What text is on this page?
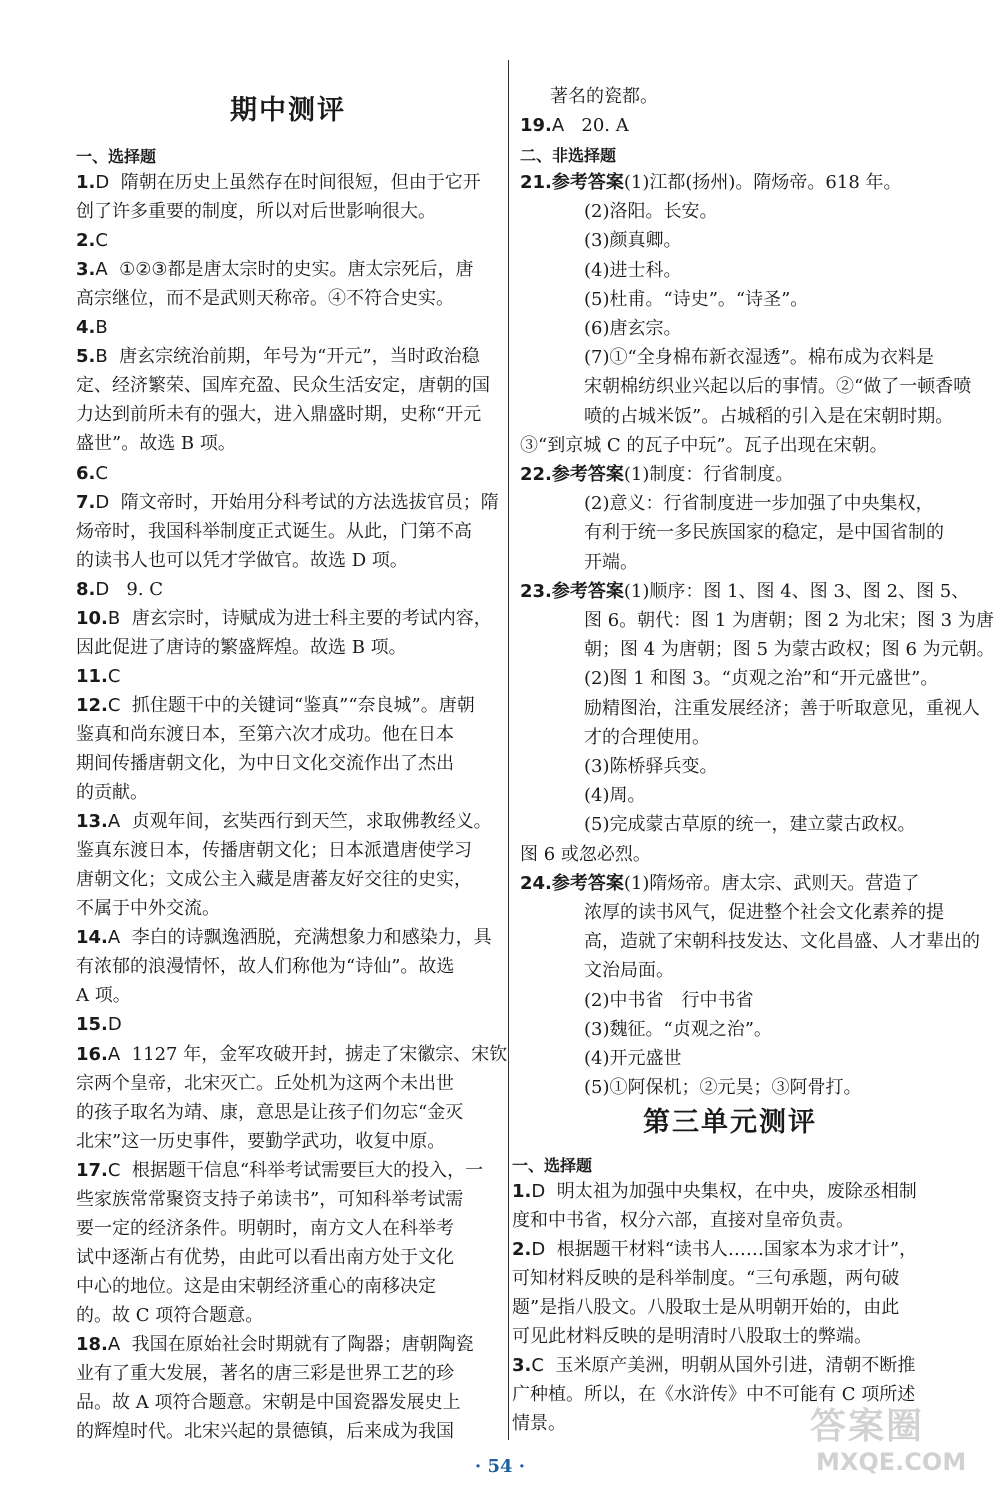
期中测评
一、选择题
1.D  隋朝在历史上虽然存在时间很短，但由于它开
创了许多重要的制度，所以对后世影响很大。
2.C
3.A  ①②③都是唐太宗时的史实。唐太宗死后，唐
高宗继位，而不是武则天称帝。④不符合史实。
4.B
5.B  唐玄宗统治前期，年号为“开元”，当时政治稳
定、经济繁荣、国库充盈、民众生活安定，唐朝的国
力达到前所未有的强大，进入鼎盛时期，史称“开元
盛世”。故选 B 项。
6.C
7.D  隋文帝时，开始用分科考试的方法选拔官员；隋
炀帝时，我国科举制度正式诞生。从此，门第不高
的读书人也可以凭才学做官。故选 D 项。
8.D   9. C
10.B  唐玄宗时，诗赋成为进士科主要的考试内容，
因此促进了唐诗的繁盛辉煌。故选 B 项。
11.C
12.C  抓住题干中的关键词“鉴真”“奈良城”。唐朝
鉴真和尚东渡日本，至第六次才成功。他在日本
期间传播唐朝文化，为中日文化交流作出了杰出
的贡献。
13.A  贞观年间，玄奘西行到天竺，求取佛教经义。
鉴真东渡日本，传播唐朝文化；日本派遣唐使学习
唐朝文化；文成公主入藏是唐蕃友好交往的史实，
不属于中外交流。
14.A  李白的诗飘逸洒脱，充满想象力和感染力，具
有浓郁的浪漫情怀，故人们称他为“诗仙”。故选
A 项。
15.D
16.A  1127 年，金军攻破开封，掳走了宋徽宗、宋钦
宗两个皇帝，北宋灭亡。丘处机为这两个未出世
的孩子取名为靖、康，意思是让孩子们勿忘“金灭
北宋”这一历史事件，要勤学武功，收复中原。
17.C  根据题干信息“科举考试需要巨大的投入，一
些家族常常聚资支持子弟读书”，可知科举考试需
要一定的经济条件。明朝时，南方文人在科举考
试中逐渐占有优势，由此可以看出南方处于文化
中心的地位。这是由宋朝经济重心的南移决定
的。故 C 项符合题意。
18.A  我国在原始社会时期就有了陶器；唐朝陶瓷
业有了重大发展，著名的唐三彩是世界工艺的珍
品。故 A 项符合题意。宋朝是中国瓷器发展史上
的辉煌时代。北宋兴起的景德镇，后来成为我国
二、非选择题
第三单元测评
一、选择题
著名的瓷都。
19.A   20. A
21.参考答案(1)江都(扬州)。隋炀帝。618 年。
(2)洛阳。长安。
(3)颜真卿。
(4)进士科。
(5)杜甫。“诗史”。“诗圣”。
(6)唐玄宗。
(7)①“全身棉布新衣湿透”。棉布成为衣料是
宋朝棉纺织业兴起以后的事情。②“做了一顿香喷
喷的占城米饭”。占城稻的引入是在宋朝时期。
③“到京城 C 的瓦子中玩”。瓦子出现在宋朝。
22.参考答案(1)制度：行省制度。
(2)意义：行省制度进一步加强了中央集权，
有利于统一多民族国家的稳定，是中国省制的
开端。
23.参考答案(1)顺序：图 1、图 4、图 3、图 2、图 5、
图 6。朝代：图 1 为唐朝；图 2 为北宋；图 3 为唐
朝；图 4 为唐朝；图 5 为蒙古政权；图 6 为元朝。
(2)图 1 和图 3。“贞观之治”和“开元盛世”。
励精图治，注重发展经济；善于听取意见，重视人
才的合理使用。
(3)陈桥驿兵变。
(4)周。
(5)完成蒙古草原的统一，建立蒙古政权。
图 6 或忽必烈。
24.参考答案(1)隋炀帝。唐太宗、武则天。营造了
浓厚的读书风气，促进整个社会文化素养的提
高，造就了宋朝科技发达、文化昌盛、人才辈出的
文治局面。
(2)中书省　行中书省
(3)魏征。“贞观之治”。
(4)开元盛世
(5)①阿保机；②元昊；③阿骨打。
1.D  明太祖为加强中央集权，在中央，废除丞相制
度和中书省，权分六部，直接对皇帝负责。
2.D  根据题干材料“读书人……国家本为求才计”，
可知材料反映的是科举制度。“三句承题，两句破
题”是指八股文。八股取士是从明朝开始的，由此
可见此材料反映的是明清时八股取士的弊端。
3.C  玉米原产美洲，明朝从国外引进，清朝不断推
广种植。所以，在《水浒传》中不可能有 C 项所述
情景。
· 54 ·
答案圈
MXQE.COM
